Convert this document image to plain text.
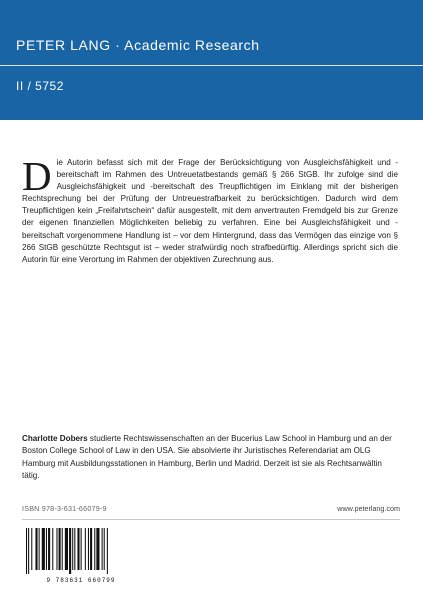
PETER LANG · Academic Research
II / 5752

Die Autorin befasst sich mit der Frage der Berücksichtigung von Ausgleichsfähigkeit und -bereitschaft im Rahmen des Untreuetatbestands gemäß § 266 StGB. Ihr zufolge sind die Ausgleichsfähigkeit und -bereitschaft des Treupflichtigen im Einklang mit der bisherigen Rechtsprechung bei der Prüfung der Untreuestrafbarkeit zu berücksichtigen. Dadurch wird dem Treupflichtigen kein „Freifahrtschein“ dafür ausgestellt, mit dem anvertrauten Fremdgeld bis zur Grenze der eigenen finanziellen Möglichkeiten beliebig zu verfahren. Eine bei Ausgleichsfähigkeit und -bereitschaft vorgenommene Handlung ist – vor dem Hintergrund, dass das Vermögen das einzige von § 266 StGB geschützte Rechtsgut ist – weder strafwürdig noch strafbedürftig. Allerdings spricht sich die Autorin für eine Verortung im Rahmen der objektiven Zurechnung aus.

Charlotte Dobers studierte Rechtswissenschaften an der Bucerius Law School in Hamburg und an der Boston College School of Law in den USA. Sie absolvierte ihr Juristisches Referendariat am OLG Hamburg mit Ausbildungsstationen in Hamburg, Berlin und Madrid. Derzeit ist sie als Rechtsanwältin tätig.

ISBN 978-3-631-66079-9	www.peterlang.com
9 783631 660799
